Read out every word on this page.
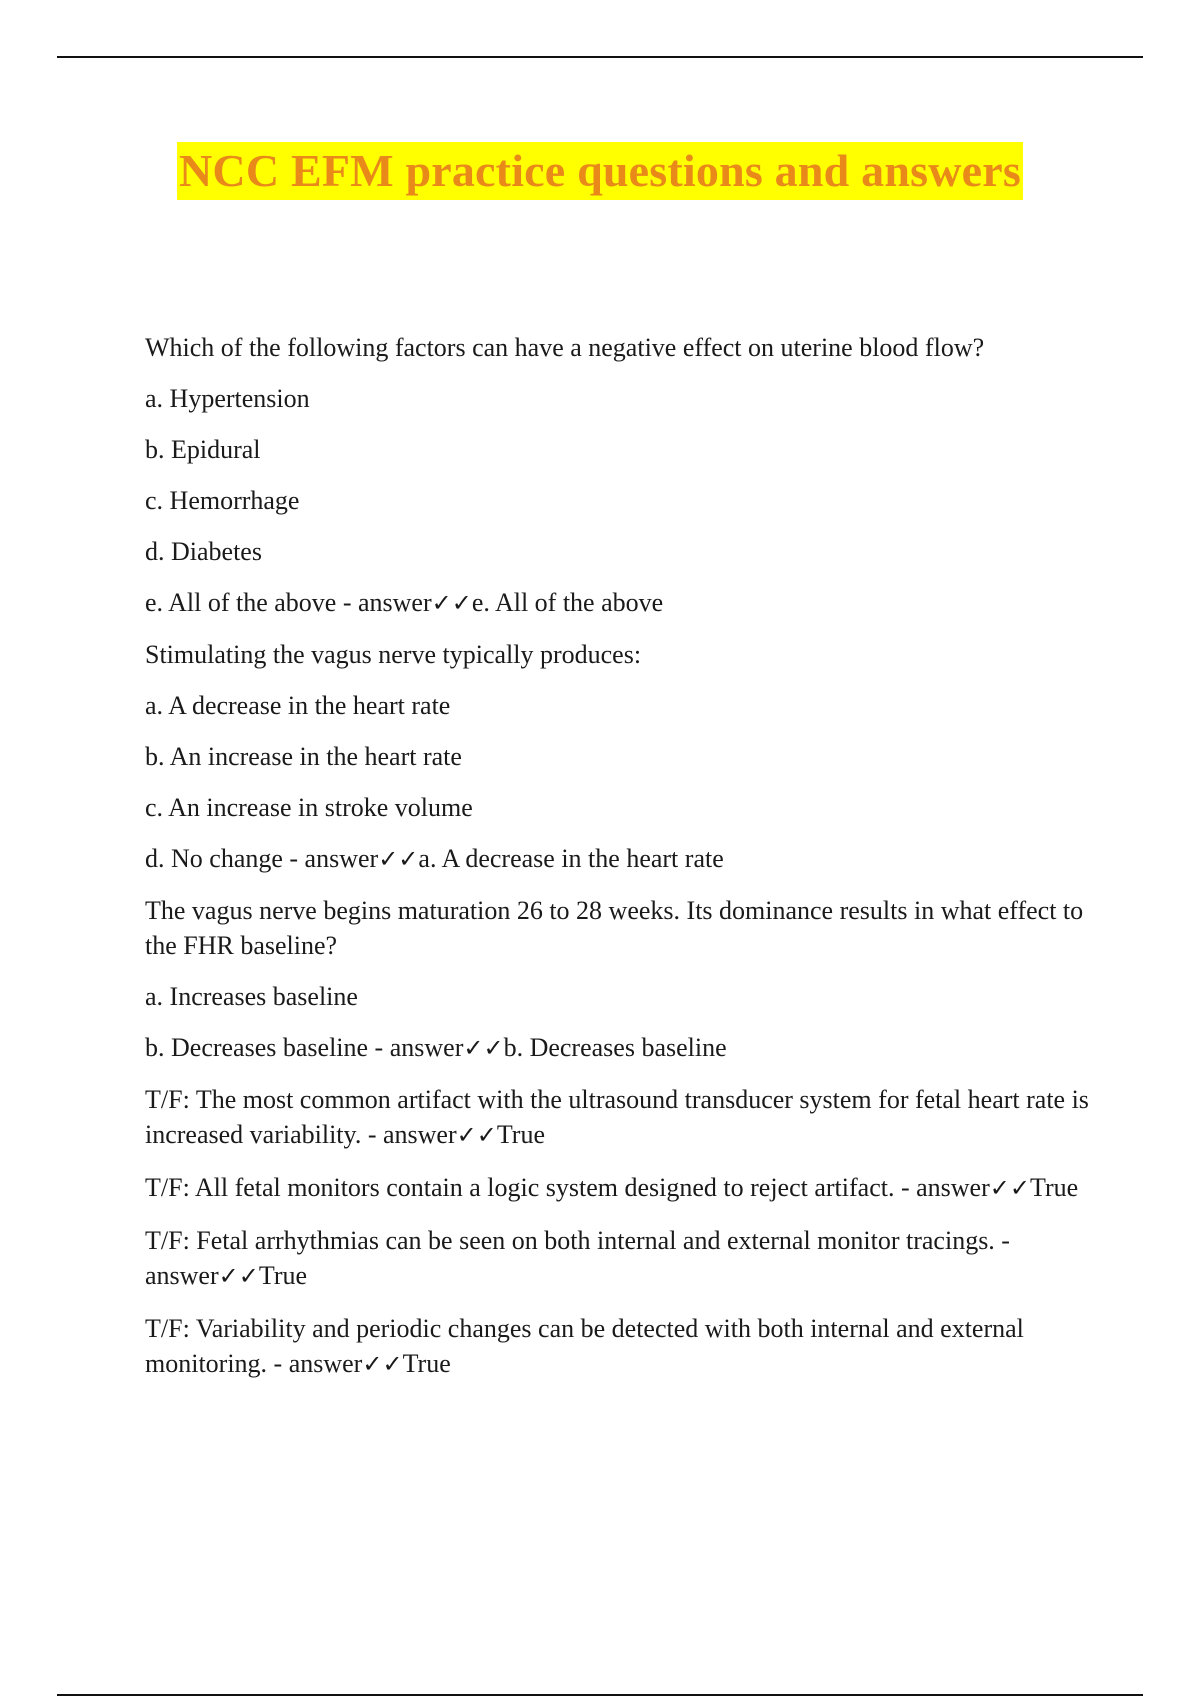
NCC EFM practice questions and answers

Which of the following factors can have a negative effect on uterine blood flow?

a. Hypertension

b. Epidural

c. Hemorrhage

d. Diabetes

e. All of the above - answer✓✓e. All of the above

Stimulating the vagus nerve typically produces:

a. A decrease in the heart rate

b. An increase in the heart rate

c. An increase in stroke volume

d. No change - answer✓✓a. A decrease in the heart rate

The vagus nerve begins maturation 26 to 28 weeks. Its dominance results in what effect to the FHR baseline?

a. Increases baseline

b. Decreases baseline - answer✓✓b. Decreases baseline

T/F: The most common artifact with the ultrasound transducer system for fetal heart rate is increased variability. - answer✓✓True

T/F: All fetal monitors contain a logic system designed to reject artifact. - answer✓✓True

T/F: Fetal arrhythmias can be seen on both internal and external monitor tracings. - answer✓✓True

T/F: Variability and periodic changes can be detected with both internal and external monitoring. - answer✓✓True
